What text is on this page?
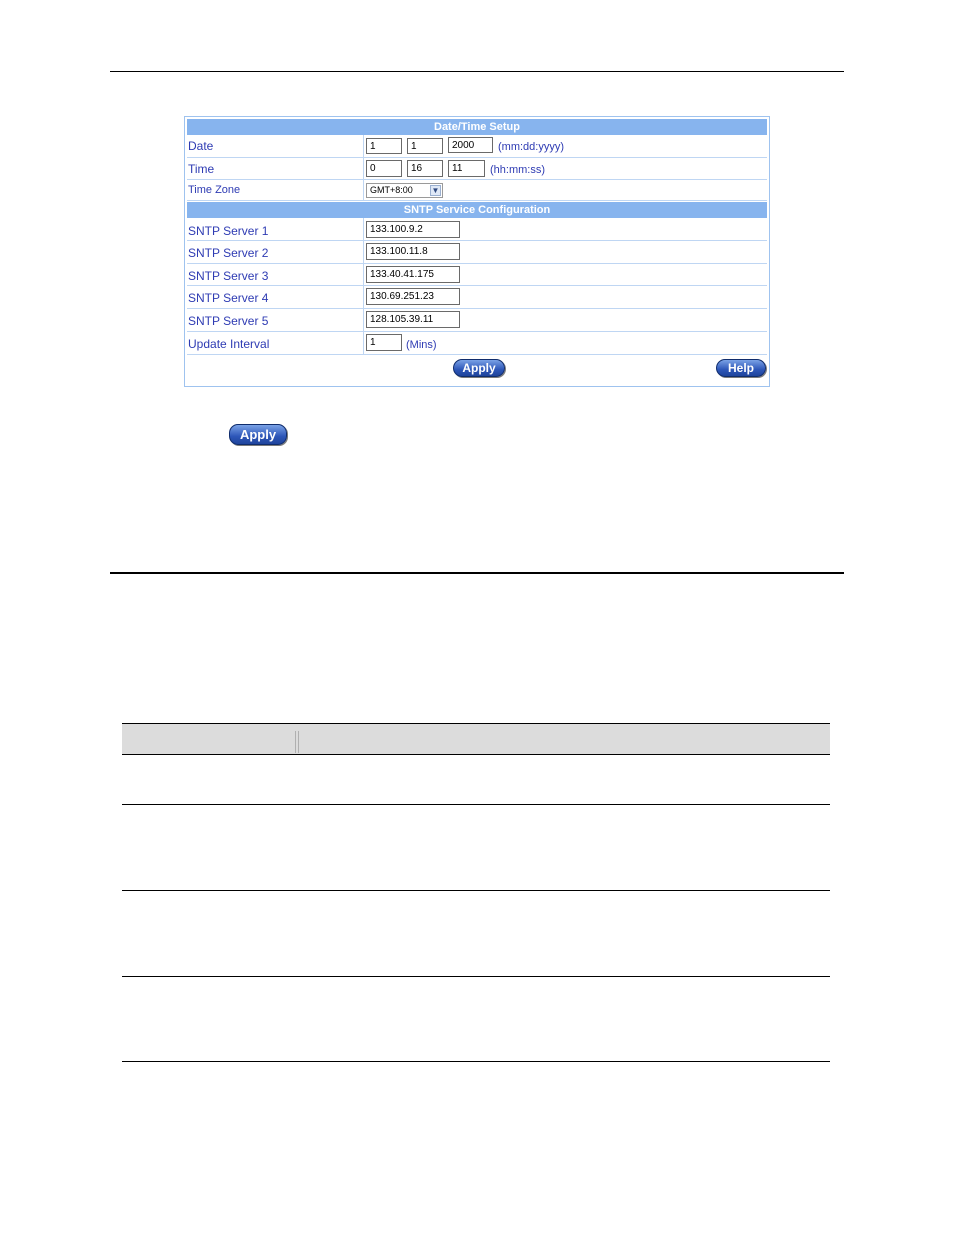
Date/Time Setup
Date	1	1	2000	(mm:dd:yyyy)
Time	0	16	11	(hh:mm:ss)
Time Zone	GMT+8:00 ▼
SNTP Service Configuration
SNTP Server 1	133.100.9.2
SNTP Server 2	133.100.11.8
SNTP Server 3	133.40.41.175
SNTP Server 4	130.69.251.23
SNTP Server 5	128.105.39.11
Update Interval	1	(Mins)
Apply	Help
Apply
